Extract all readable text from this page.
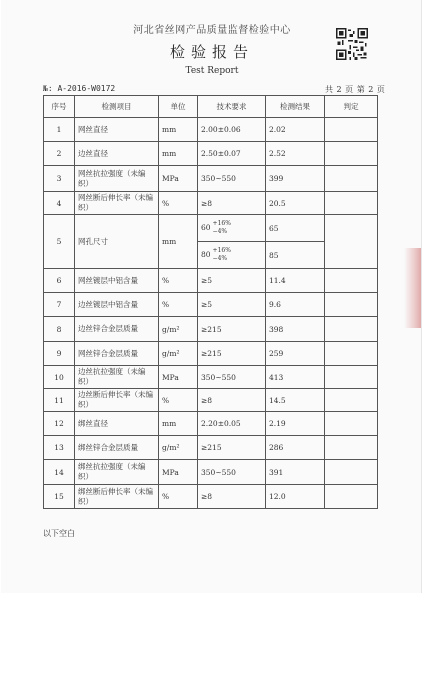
河北省丝网产品质量监督检验中心
检验报告
Test Report
№: A-2016-W0172	共 2 页 第 2 页
序号	检测项目	单位	技术要求	检测结果	判定
1	网丝直径	mm	2.00±0.06	2.02	
2	边丝直径	mm	2.50±0.07	2.52	
3	网丝抗拉强度（未编织）	MPa	350~550	399	
4	网丝断后伸长率（未编织）	%	≥8	20.5	
5	网孔尺寸	mm	60 +16%
−4%	65	
			80 +16%
−4%	85	
6	网丝镀层中铝含量	%	≥5	11.4	
7	边丝镀层中铝含量	%	≥5	9.6	
8	边丝锌合金层质量	g/m²	≥215	398	
9	网丝锌合金层质量	g/m²	≥215	259	
10	边丝抗拉强度（未编织）	MPa	350~550	413	
11	边丝断后伸长率（未编织）	%	≥8	14.5	
12	绑丝直径	mm	2.20±0.05	2.19	
13	绑丝锌合金层质量	g/m²	≥215	286	
14	绑丝抗拉强度（未编织）	MPa	350~550	391	
15	绑丝断后伸长率（未编织）	%	≥8	12.0	
以下空白
